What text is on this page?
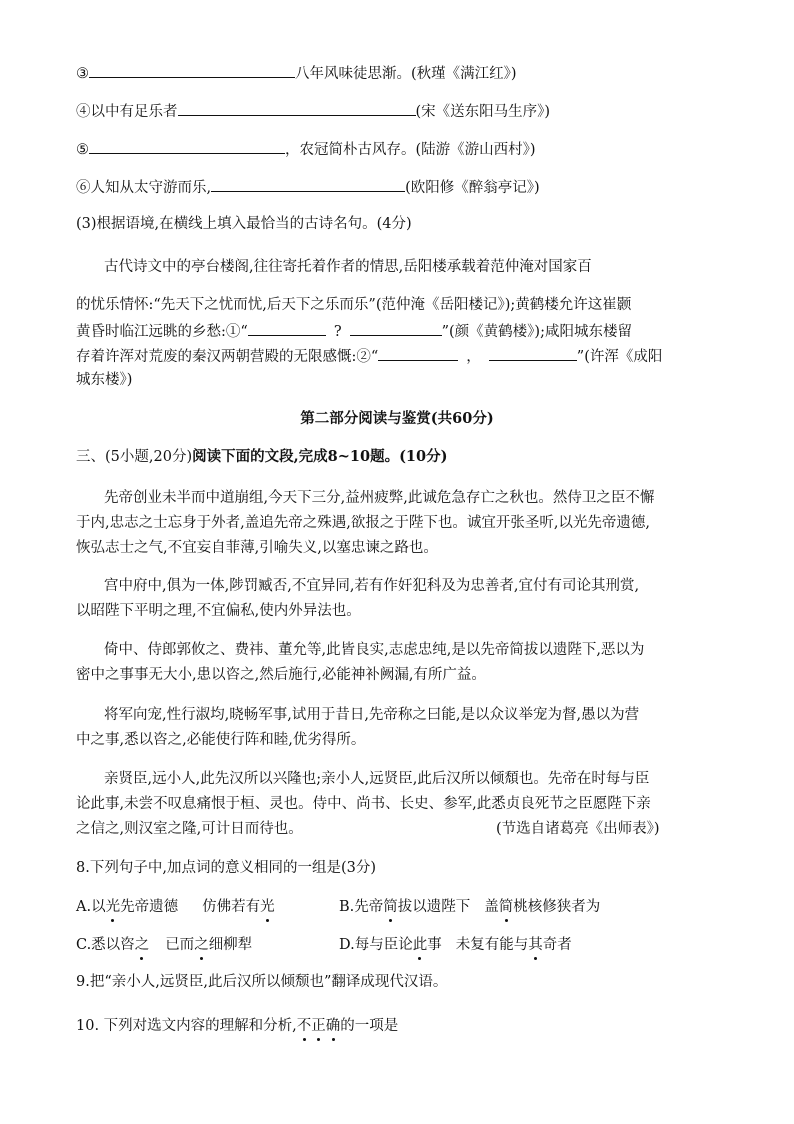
③	八年风味徒思渐。(秋瑾《满江红》)
④以中有足乐者	(宋《送东阳马生序》)
⑤	，农冠简朴古风存。(陆游《游山西村》)
⑥人知从太守游而乐,	(欧阳修《醉翁亭记》)
(3)根据语境,在横线上填入最恰当的古诗名句。(4分)
古代诗文中的亭台楼阁,往往寄托着作者的情思,岳阳楼承载着范仲淹对国家百
的忧乐情怀:“先天下之忧而忧,后天下之乐而乐”(范仲淹《岳阳楼记》);黄鹤楼允许这崔颢
黄昏时临江远眺的乡愁:①“	?	”(颜《黄鹤楼》);咸阳城东楼留
存着许浑对荒废的秦汉两朝营殿的无限感慨:②“	，	”(许浑《成阳
城东楼》)
第二部分阅读与鉴赏(共60分)
三、(5小题,20分)阅读下面的文段,完成8~10题。(10分)
先帝创业未半而中道崩组,今天下三分,益州疲弊,此诚危急存亡之秋也。然侍卫之臣不懈
于内,忠志之士忘身于外者,盖追先帝之殊遇,欲报之于陛下也。诚宜开张圣听,以光先帝遗德,
恢弘志士之气,不宜妄自菲薄,引喻失义,以塞忠谏之路也。
宫中府中,俱为一体,陟罚臧否,不宜异同,若有作奸犯科及为忠善者,宜付有司论其刑赏,
以昭陛下平明之理,不宜偏私,使内外异法也。
倚中、侍郎郭攸之、费祎、董允等,此皆良实,志虑忠纯,是以先帝简拔以遗陛下,恶以为
密中之事事无大小,患以咨之,然后施行,必能神补阙漏,有所广益。
将军向宠,性行淑均,晓畅军事,试用于昔日,先帝称之曰能,是以众议举宠为督,愚以为营
中之事,悉以咨之,必能使行阵和睦,优劣得所。
亲贤臣,远小人,此先汉所以兴隆也;亲小人,远贤臣,此后汉所以倾頹也。先帝在时每与臣
论此事,未尝不叹息痛恨于桓、灵也。侍中、尚书、长史、参军,此悉贞良死节之臣愿陛下亲
之信之,则汉室之隆,可计日而待也。	(节选自诸葛亮《出师表》)
8.下列句子中,加点词的意义相同的一组是(3分)
A.以光先帝遗德 仿佛若有光	B.先帝简拔以遗陛下 盖简桃核修狭者为
C.悉以咨之 已而之细柳犁	D.每与臣论此事 未复有能与其奇者
9.把“亲小人,远贤臣,此后汉所以倾颓也”翻译成现代汉语。
10. 下列对选文内容的理解和分析,不正确的一项是
